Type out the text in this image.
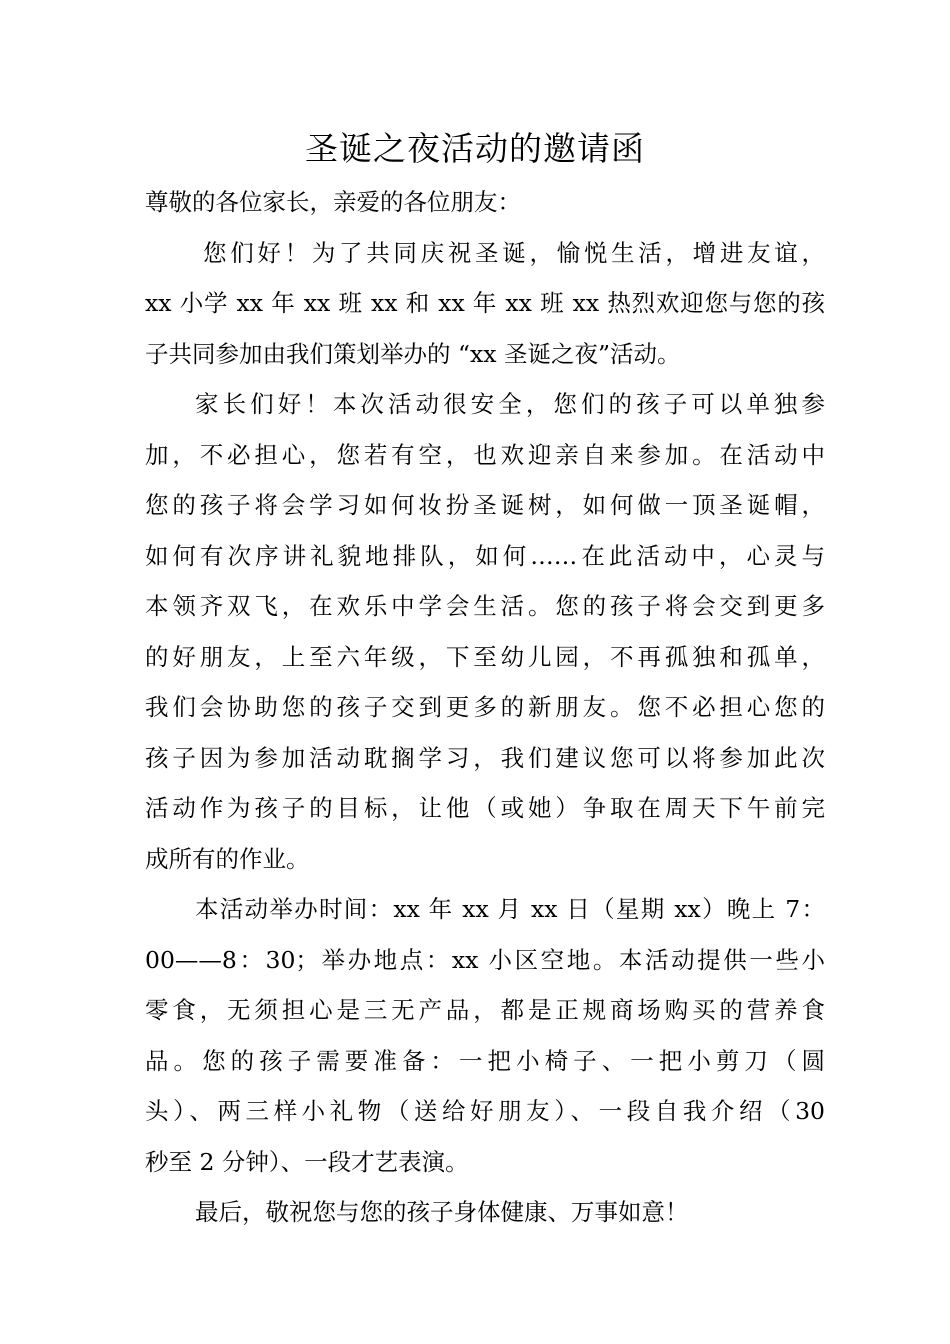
圣诞之夜活动的邀请函
尊敬的各位家长，亲爱的各位朋友：
您们好！为了共同庆祝圣诞，愉悦生活，增进友谊，
xx 小学 xx 年 xx 班 xx 和 xx 年 xx 班 xx 热烈欢迎您与您的孩
子共同参加由我们策划举办的 “xx 圣诞之夜”活动。
家长们好！本次活动很安全，您们的孩子可以单独参
加，不必担心，您若有空，也欢迎亲自来参加。在活动中
您的孩子将会学习如何妆扮圣诞树，如何做一顶圣诞帽，
如何有次序讲礼貌地排队，如何……在此活动中，心灵与
本领齐双飞，在欢乐中学会生活。您的孩子将会交到更多
的好朋友，上至六年级，下至幼儿园，不再孤独和孤单，
我们会协助您的孩子交到更多的新朋友。您不必担心您的
孩子因为参加活动耽搁学习，我们建议您可以将参加此次
活动作为孩子的目标，让他（或她）争取在周天下午前完
成所有的作业。
本活动举办时间：xx 年 xx 月 xx 日（星期 xx）晚上 7：
00——8：30；举办地点：xx 小区空地。本活动提供一些小
零食，无须担心是三无产品，都是正规商场购买的营养食
品。您的孩子需要准备：一把小椅子、一把小剪刀（圆
头）、两三样小礼物（送给好朋友）、一段自我介绍（30
秒至 2 分钟）、一段才艺表演。
最后，敬祝您与您的孩子身体健康、万事如意！
